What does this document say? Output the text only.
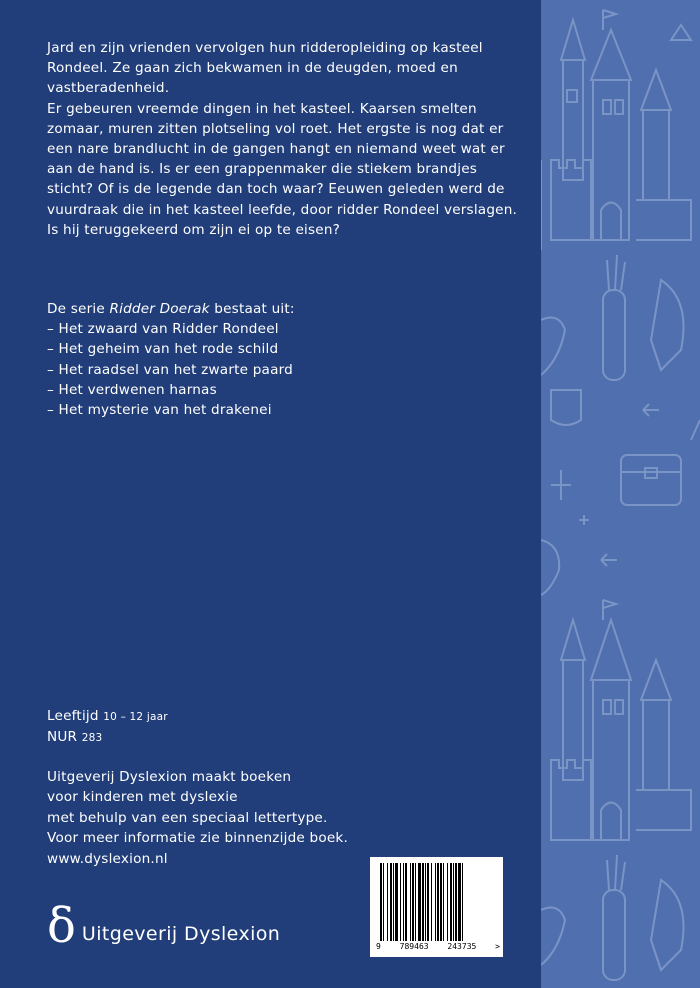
Jard en zijn vrienden vervolgen hun ridderopleiding op kasteel Rondeel. Ze gaan zich bekwamen in de deugden, moed en vastberadenheid.

Er gebeuren vreemde dingen in het kasteel. Kaarsen smelten zomaar, muren zitten plotseling vol roet. Het ergste is nog dat er een nare brandlucht in de gangen hangt en niemand weet wat er aan de hand is. Is er een grappenmaker die stiekem brandjes sticht? Of is de legende dan toch waar? Eeuwen geleden werd de vuurdraak die in het kasteel leefde, door ridder Rondeel verslagen. Is hij teruggekeerd om zijn ei op te eisen?

De serie Ridder Doerak bestaat uit:
– Het zwaard van Ridder Rondeel
– Het geheim van het rode schild
– Het raadsel van het zwarte paard
– Het verdwenen harnas
– Het mysterie van het drakenei
Leeftijd 10 – 12 jaar
NUR 283
Uitgeverij Dyslexion maakt boeken
voor kinderen met dyslexie
met behulp van een speciaal lettertype.
Voor meer informatie zie binnenzijde boek.
www.dyslexion.nl
δ Uitgeverij Dyslexion
9 789463 243735 >
